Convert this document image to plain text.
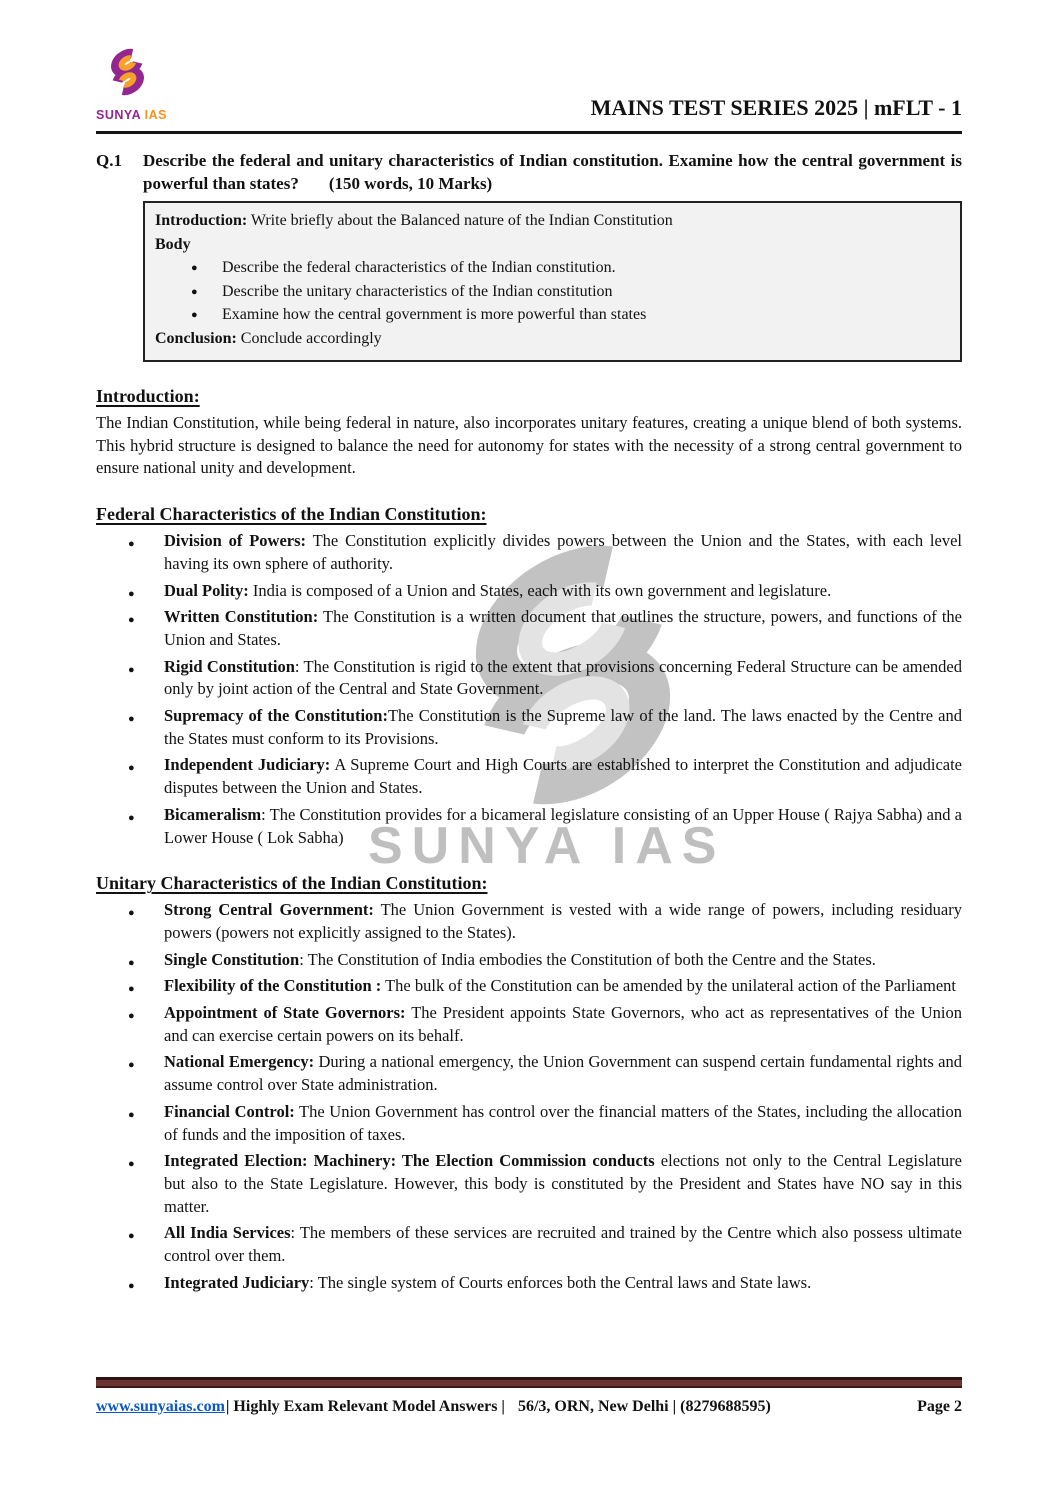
SUNYA IAS
SUNYA IAS	MAINS TEST SERIES 2025 | mFLT - 1
Q.1	Describe the federal and unitary characteristics of Indian constitution. Examine how the central government is powerful than states? (150 words, 10 Marks)

Introduction: Write briefly about the Balanced nature of the Indian Constitution

Body

● Describe the federal characteristics of the Indian constitution.
● Describe the unitary characteristics of the Indian constitution
● Examine how the central government is more powerful than states

Conclusion: Conclude accordingly

Introduction:

The Indian Constitution, while being federal in nature, also incorporates unitary features, creating a unique blend of both systems. This hybrid structure is designed to balance the need for autonomy for states with the necessity of a strong central government to ensure national unity and development.

Federal Characteristics of the Indian Constitution:
● Division of Powers: The Constitution explicitly divides powers between the Union and the States, with each level having its own sphere of authority.
● Dual Polity: India is composed of a Union and States, each with its own government and legislature.
● Written Constitution: The Constitution is a written document that outlines the structure, powers, and functions of the Union and States.
● Rigid Constitution: The Constitution is rigid to the extent that provisions concerning Federal Structure can be amended only by joint action of the Central and State Government.
● Supremacy of the Constitution:The Constitution is the Supreme law of the land. The laws enacted by the Centre and the States must conform to its Provisions.
● Independent Judiciary: A Supreme Court and High Courts are established to interpret the Constitution and adjudicate disputes between the Union and States.
● Bicameralism: The Constitution provides for a bicameral legislature consisting of an Upper House ( Rajya Sabha) and a Lower House ( Lok Sabha)
Unitary Characteristics of the Indian Constitution:
● Strong Central Government: The Union Government is vested with a wide range of powers, including residuary powers (powers not explicitly assigned to the States).
● Single Constitution: The Constitution of India embodies the Constitution of both the Centre and the States.
● Flexibility of the Constitution : The bulk of the Constitution can be amended by the unilateral action of the Parliament
● Appointment of State Governors: The President appoints State Governors, who act as representatives of the Union and can exercise certain powers on its behalf.
● National Emergency: During a national emergency, the Union Government can suspend certain fundamental rights and assume control over State administration.
● Financial Control: The Union Government has control over the financial matters of the States, including the allocation of funds and the imposition of taxes.
● Integrated Election: Machinery: The Election Commission conducts elections not only to the Central Legislature but also to the State Legislature. However, this body is constituted by the President and States have NO say in this matter.
● All India Services: The members of these services are recruited and trained by the Centre which also possess ultimate control over them.
● Integrated Judiciary: The single system of Courts enforces both the Central laws and State laws.
www.sunyaias.com| Highly Exam Relevant Model Answers | 56/3, ORN, New Delhi | (8279688595)	Page 2
